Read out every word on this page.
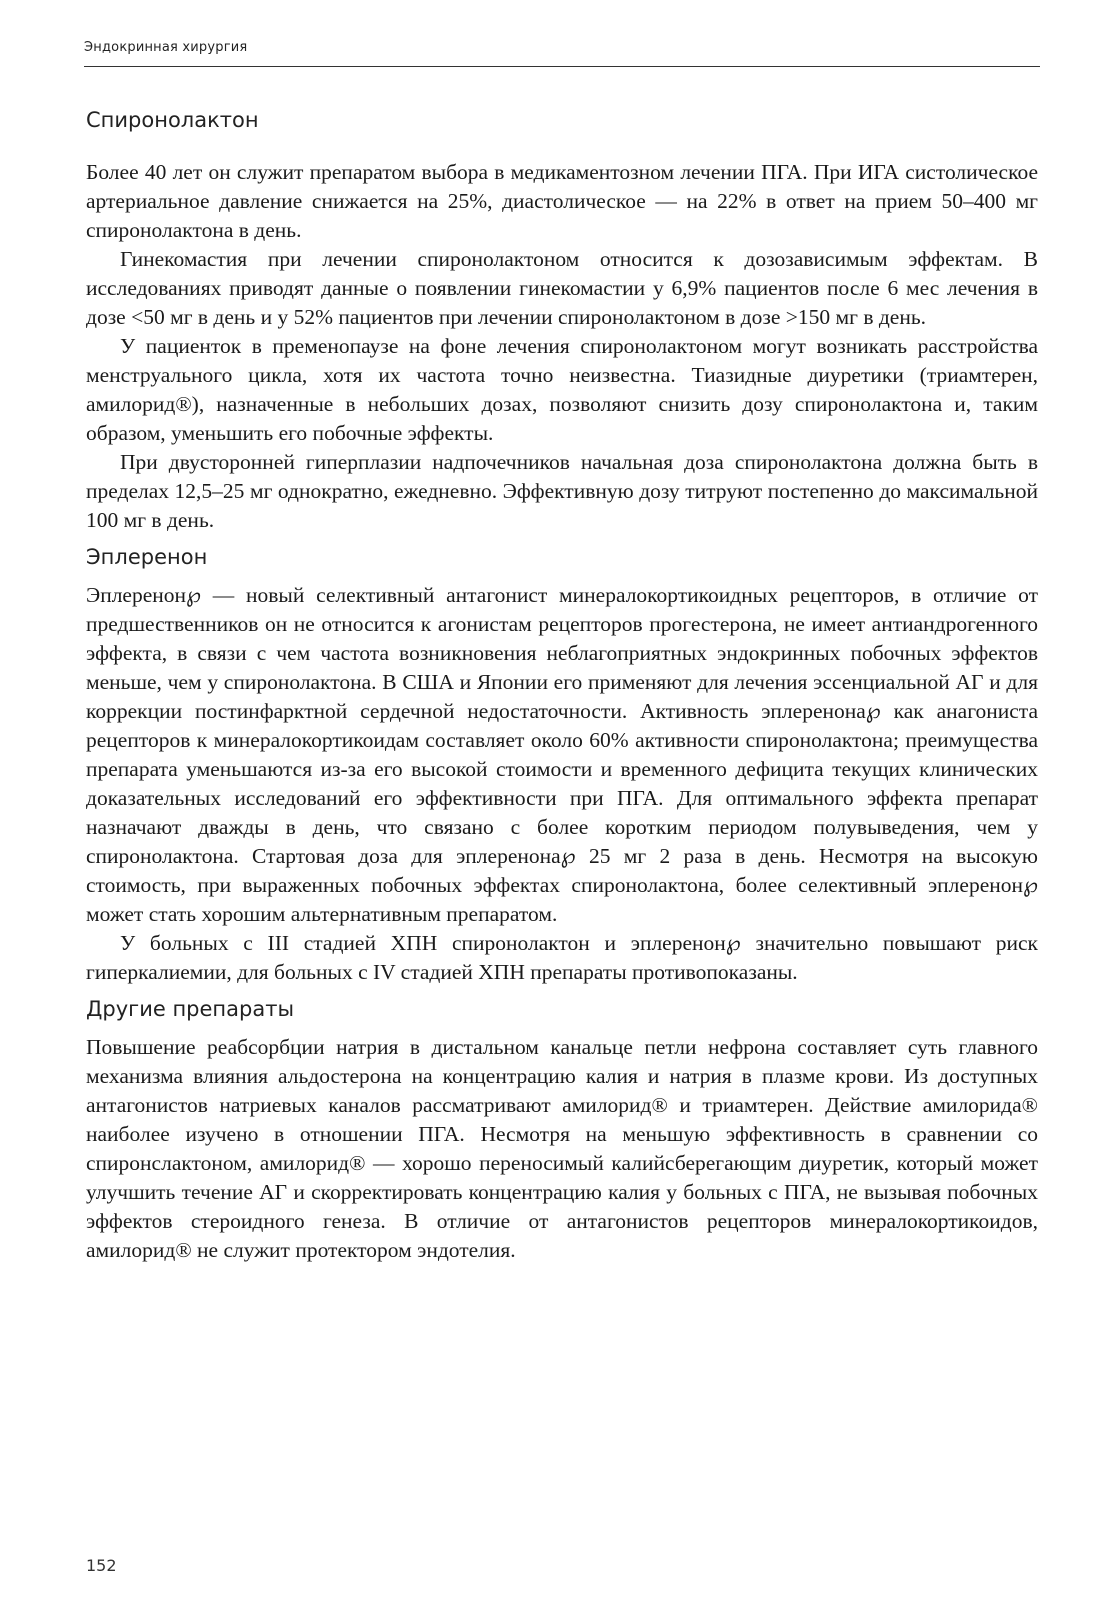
Эндокринная хирургия
Спиронолактон

Более 40 лет он служит препаратом выбора в медикаментозном лечении ПГА. При ИГА систолическое артериальное давление снижается на 25%, диастолическое — на 22% в ответ на прием 50–400 мг спиронолактона в день.

Гинекомастия при лечении спиронолактоном относится к дозозависимым эффектам. В исследованиях приводят данные о появлении гинекомастии у 6,9% пациентов после 6 мес лечения в дозе <50 мг в день и у 52% пациентов при лечении спиронолактоном в дозе >150 мг в день.

У пациенток в пременопаузе на фоне лечения спиронолактоном могут возникать расстройства менструального цикла, хотя их частота точно неизвестна. Тиазидные диуретики (триамтерен, амилорид®), назначенные в небольших дозах, позволяют снизить дозу спиронолактона и, таким образом, уменьшить его побочные эффекты.

При двусторонней гиперплазии надпочечников начальная доза спиронолактона должна быть в пределах 12,5–25 мг однократно, ежедневно. Эффективную дозу титруют постепенно до максимальной 100 мг в день.

Эплеренон

Эплеренон℘ — новый селективный антагонист минералокортикоидных рецепторов, в отличие от предшественников он не относится к агонистам рецепторов прогестерона, не имеет антиандрогенного эффекта, в связи с чем частота возникновения неблагоприятных эндокринных побочных эффектов меньше, чем у спиронолактона. В США и Японии его применяют для лечения эссенциальной АГ и для коррекции постинфарктной сердечной недостаточности. Активность эплеренона℘ как анагониста рецепторов к минералокортикоидам составляет около 60% активности спиронолактона; преимущества препарата уменьшаются из-за его высокой стоимости и временного дефицита текущих клинических доказательных исследований его эффективности при ПГА. Для оптимального эффекта препарат назначают дважды в день, что связано с более коротким периодом полувыведения, чем у спиронолактона. Стартовая доза для эплеренона℘ 25 мг 2 раза в день. Несмотря на высокую стоимость, при выраженных побочных эффектах спиронолактона, более селективный эплеренон℘ может стать хорошим альтернативным препаратом.

У больных с III стадией ХПН спиронолактон и эплеренон℘ значительно повышают риск гиперкалиемии, для больных с IV стадией ХПН препараты противопоказаны.

Другие препараты

Повышение реабсорбции натрия в дистальном канальце петли нефрона составляет суть главного механизма влияния альдостерона на концентрацию калия и натрия в плазме крови. Из доступных антагонистов натриевых каналов рассматривают амилорид® и триамтерен. Действие амилорида® наиболее изучено в отношении ПГА. Несмотря на меньшую эффективность в сравнении со спиронслактоном, амилорид® — хорошо переносимый калийсберегающим диуретик, который может улучшить течение АГ и скорректировать концентрацию калия у больных с ПГА, не вызывая побочных эффектов стероидного генеза. В отличие от антагонистов рецепторов минералокортикоидов, амилорид® не служит протектором эндотелия.

152
